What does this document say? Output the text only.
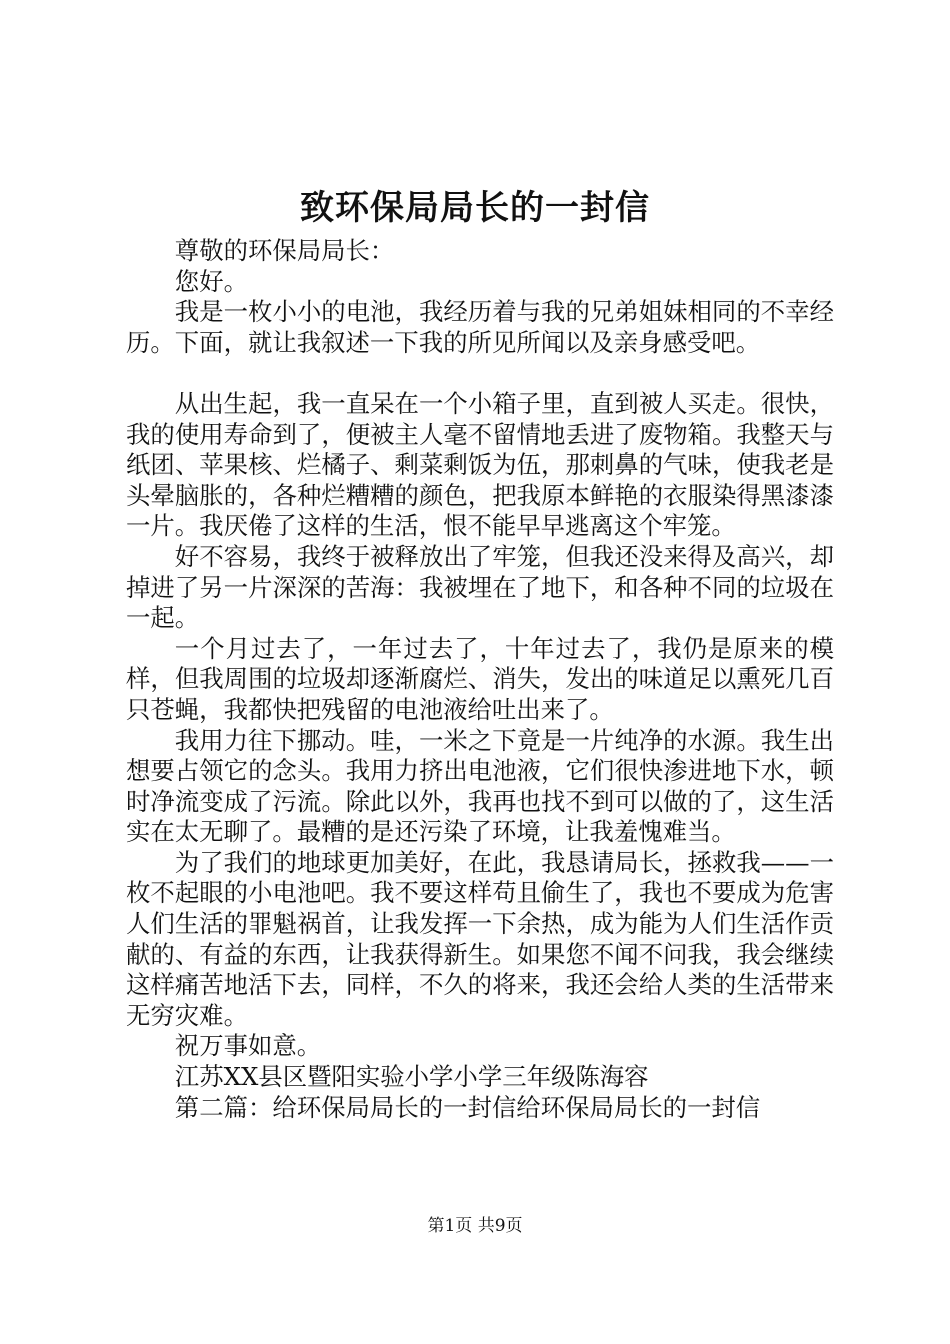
致环保局局长的一封信

尊敬的环保局局长：

您好。

我是一枚小小的电池，我经历着与我的兄弟姐妹相同的不幸经历。下面，就让我叙述一下我的所见所闻以及亲身感受吧。

从出生起，我一直呆在一个小箱子里，直到被人买走。很快，我的使用寿命到了，便被主人毫不留情地丢进了废物箱。我整天与纸团、苹果核、烂橘子、剩菜剩饭为伍，那刺鼻的气味，使我老是头晕脑胀的，各种烂糟糟的颜色，把我原本鲜艳的衣服染得黑漆漆一片。我厌倦了这样的生活，恨不能早早逃离这个牢笼。

好不容易，我终于被释放出了牢笼，但我还没来得及高兴，却掉进了另一片深深的苦海：我被埋在了地下，和各种不同的垃圾在一起。

一个月过去了，一年过去了，十年过去了，我仍是原来的模样，但我周围的垃圾却逐渐腐烂、消失，发出的味道足以熏死几百只苍蝇，我都快把残留的电池液给吐出来了。

我用力往下挪动。哇，一米之下竟是一片纯净的水源。我生出想要占领它的念头。我用力挤出电池液，它们很快渗进地下水，顿时净流变成了污流。除此以外，我再也找不到可以做的了，这生活实在太无聊了。最糟的是还污染了环境，让我羞愧难当。

为了我们的地球更加美好，在此，我恳请局长，拯救我——一枚不起眼的小电池吧。我不要这样苟且偷生了，我也不要成为危害人们生活的罪魁祸首，让我发挥一下余热，成为能为人们生活作贡献的、有益的东西，让我获得新生。如果您不闻不问我，我会继续这样痛苦地活下去，同样，不久的将来，我还会给人类的生活带来无穷灾难。

祝万事如意。

江苏XX县区暨阳实验小学小学三年级陈海容

第二篇：给环保局局长的一封信给环保局局长的一封信

第1页 共9页
